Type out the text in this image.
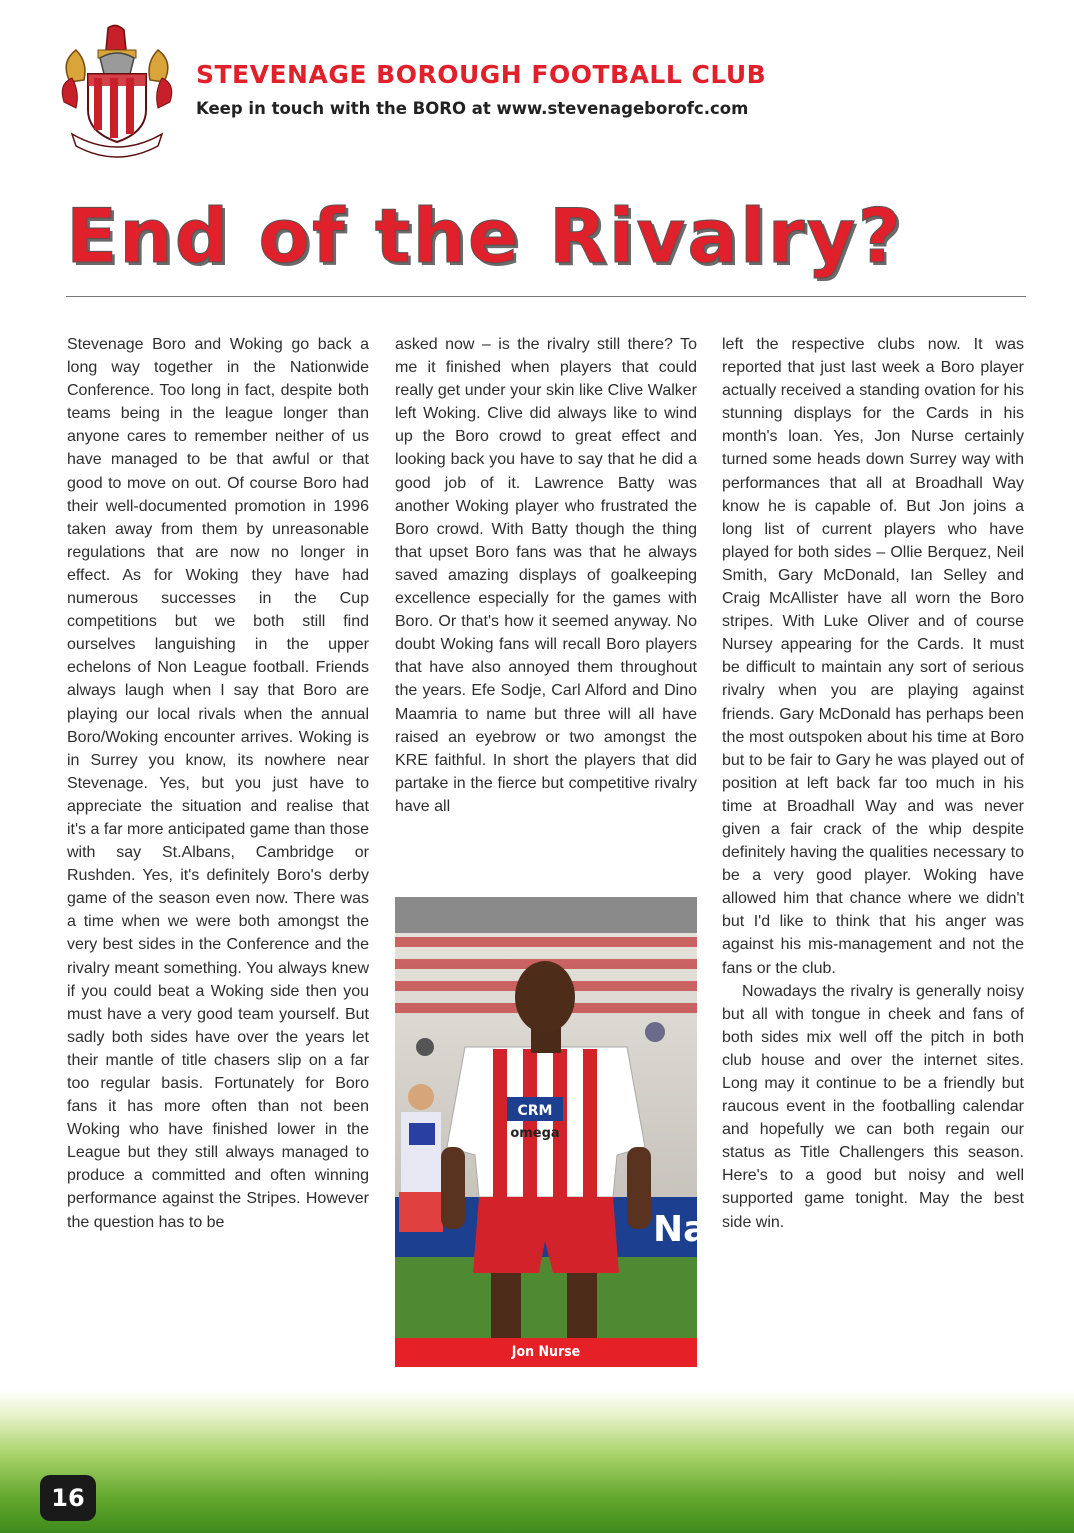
STEVENAGE BOROUGH FOOTBALL CLUB
Keep in touch with the BORO at www.stevenageborofc.com
End of the Rivalry?

Stevenage Boro and Woking go back a long way together in the Nationwide Conference. Too long in fact, despite both teams being in the league longer than anyone cares to remember neither of us have managed to be that awful or that good to move on out. Of course Boro had their well-documented promotion in 1996 taken away from them by unreasonable regulations that are now no longer in effect. As for Woking they have had numerous successes in the Cup competitions but we both still find ourselves languishing in the upper echelons of Non League football. Friends always laugh when I say that Boro are playing our local rivals when the annual Boro/Woking encounter arrives. Woking is in Surrey you know, its nowhere near Stevenage. Yes, but you just have to appreciate the situation and realise that it's a far more anticipated game than those with say St.Albans, Cambridge or Rushden. Yes, it's definitely Boro's derby game of the season even now. There was a time when we were both amongst the very best sides in the Conference and the rivalry meant something. You always knew if you could beat a Woking side then you must have a very good team yourself. But sadly both sides have over the years let their mantle of title chasers slip on a far too regular basis. Fortunately for Boro fans it has more often than not been Woking who have finished lower in the League but they still always managed to produce a committed and often winning performance against the Stripes. However the question has to be

asked now – is the rivalry still there? To me it finished when players that could really get under your skin like Clive Walker left Woking. Clive did always like to wind up the Boro crowd to great effect and looking back you have to say that he did a good job of it. Lawrence Batty was another Woking player who frustrated the Boro crowd. With Batty though the thing that upset Boro fans was that he always saved amazing displays of goalkeeping excellence especially for the games with Boro. Or that's how it seemed anyway. No doubt Woking fans will recall Boro players that have also annoyed them throughout the years. Efe Sodje, Carl Alford and Dino Maamria to name but three will all have raised an eyebrow or two amongst the KRE faithful. In short the players that did partake in the fierce but competitive rivalry have all

left the respective clubs now. It was reported that just last week a Boro player actually received a standing ovation for his stunning displays for the Cards in his month's loan. Yes, Jon Nurse certainly turned some heads down Surrey way with performances that all at Broadhall Way know he is capable of. But Jon joins a long list of current players who have played for both sides – Ollie Berquez, Neil Smith, Gary McDonald, Ian Selley and Craig McAllister have all worn the Boro stripes. With Luke Oliver and of course Nursey appearing for the Cards. It must be difficult to maintain any sort of serious rivalry when you are playing against friends. Gary McDonald has perhaps been the most outspoken about his time at Boro but to be fair to Gary he was played out of position at left back far too much in his time at Broadhall Way and was never given a fair crack of the whip despite definitely having the qualities necessary to be a very good player. Woking have allowed him that chance where we didn't but I'd like to think that his anger was against his mis-management and not the fans or the club.

Nowadays the rivalry is generally noisy but all with tongue in cheek and fans of both sides mix well off the pitch in both club house and over the internet sites. Long may it continue to be a friendly but raucous event in the footballing calendar and hopefully we can both regain our status as Title Challengers this season. Here's to a good but noisy and well supported game tonight. May the best side win.

Na
CRM
omega
Jon Nurse
16
